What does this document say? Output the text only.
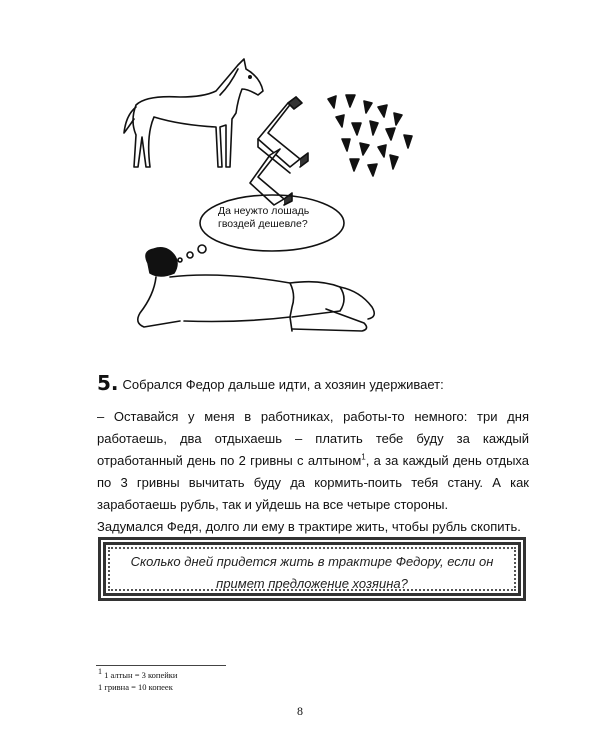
Да неужто лошадь гвоздей дешевле?

5. Собрался Федор дальше идти, а хозяин удерживает:

– Оставайся у меня в работниках, работы-то немного: три дня работаешь, два отдыхаешь – платить тебе буду за каждый отработанный день по 2 гривны с алтыном$^1$, а за каждый день отдыха по 3 гривны вычитать буду да кормить-поить тебя стану. А как заработаешь рубль, так и уйдешь на все четыре стороны.

Задумался Федя, долго ли ему в трактире жить, чтобы рубль скопить.

Сколько дней придется жить в трактире Федору, если он примет предложение хозяина?
$^1$ 1 алтын = 3 копейки
1 гривна = 10 копеек
8
